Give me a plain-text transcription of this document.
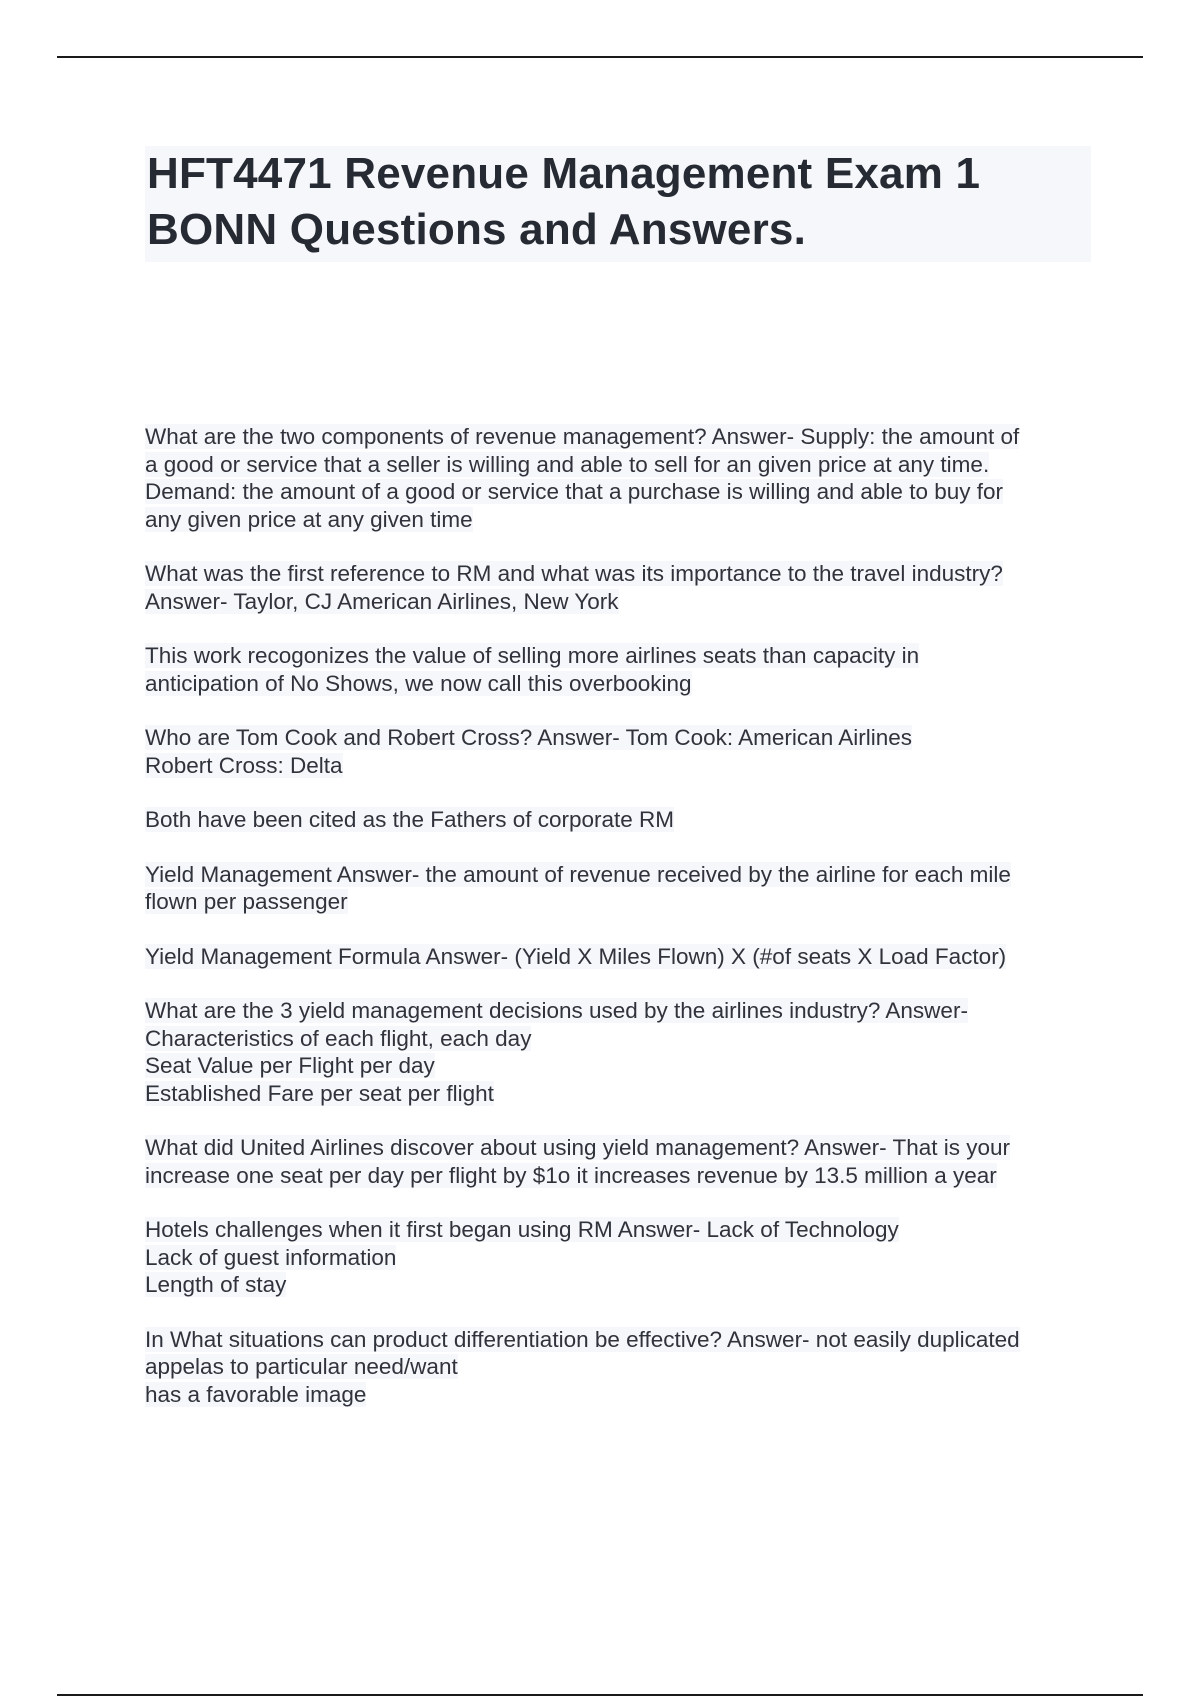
HFT4471 Revenue Management Exam 1
BONN Questions and Answers.
What are the two components of revenue management? Answer- Supply: the amount of
a good or service that a seller is willing and able to sell for an given price at any time.
Demand: the amount of a good or service that a purchase is willing and able to buy for
any given price at any given time
What was the first reference to RM and what was its importance to the travel industry?
Answer- Taylor, CJ American Airlines, New York
This work recogonizes the value of selling more airlines seats than capacity in
anticipation of No Shows, we now call this overbooking
Who are Tom Cook and Robert Cross? Answer- Tom Cook: American Airlines
Robert Cross: Delta
Both have been cited as the Fathers of corporate RM
Yield Management Answer- the amount of revenue received by the airline for each mile
flown per passenger
Yield Management Formula Answer- (Yield X Miles Flown) X (#of seats X Load Factor)
What are the 3 yield management decisions used by the airlines industry? Answer-
Characteristics of each flight, each day
Seat Value per Flight per day
Established Fare per seat per flight
What did United Airlines discover about using yield management? Answer- That is your
increase one seat per day per flight by $1o it increases revenue by 13.5 million a year
Hotels challenges when it first began using RM Answer- Lack of Technology
Lack of guest information
Length of stay
In What situations can product differentiation be effective? Answer- not easily duplicated
appelas to particular need/want
has a favorable image
